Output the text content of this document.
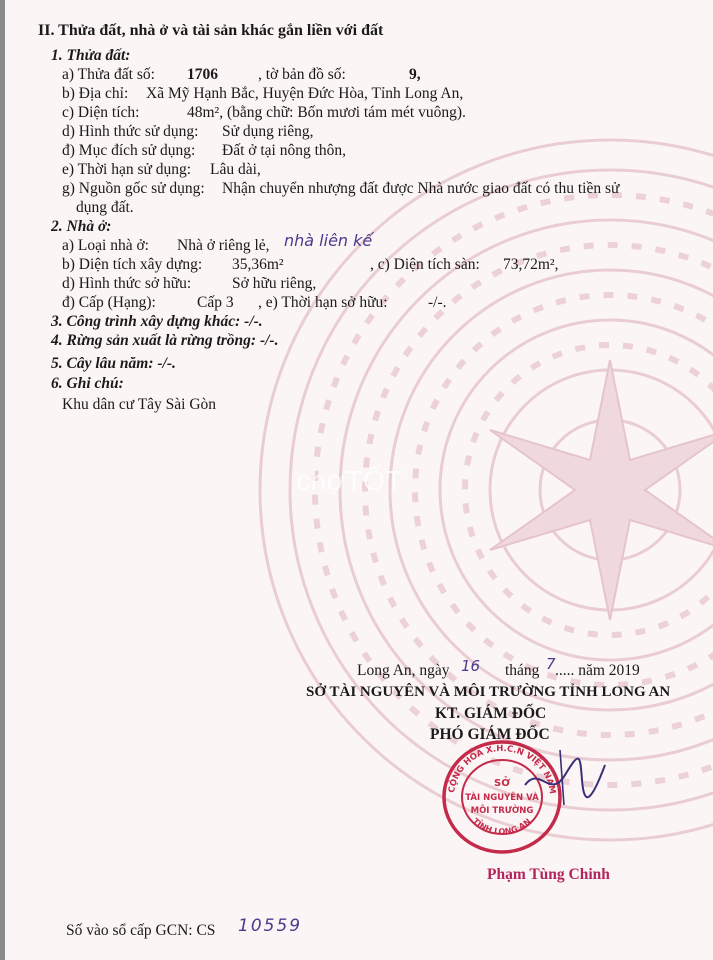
II. Thửa đất, nhà ở và tài sản khác gắn liền với đất
1. Thửa đất:
a) Thửa đất số: 1706	, tờ bản đồ số:	9,
b) Địa chỉ: Xã Mỹ Hạnh Bắc, Huyện Đức Hòa, Tỉnh Long An,
c) Diện tích:	48m², (bằng chữ: Bốn mươi tám mét vuông).
d) Hình thức sử dụng: Sử dụng riêng,
đ) Mục đích sử dụng: Đất ở tại nông thôn,
e) Thời hạn sử dụng: Lâu dài,
g) Nguồn gốc sử dụng: Nhận chuyển nhượng đất được Nhà nước giao đất có thu tiền sử
dụng đất.
2. Nhà ở:
a) Loại nhà ở: Nhà ở riêng lẻ, nhà liên kế
b) Diện tích xây dựng: 35,36m²	, c) Diện tích sàn: 73,72m²,
d) Hình thức sở hữu:	Sở hữu riêng,
đ) Cấp (Hạng):	Cấp 3 , e) Thời hạn sở hữu:	-/-.
3. Công trình xây dựng khác: -/-.
4. Rừng sản xuất là rừng trồng: -/-.
5. Cây lâu năm: -/-.
6. Ghi chú:
Khu dân cư Tây Sài Gòn
chợTỐT
Long An, ngày 16 tháng 7 ..... năm 2019
SỞ TÀI NGUYÊN VÀ MÔI TRƯỜNG TỈNH LONG AN
KT. GIÁM ĐỐC
PHÓ GIÁM ĐỐC
CỘNG HÒA X.H.C.N VIỆT NAM
TỈNH LONG AN
SỞ
TÀI NGUYÊN VÀ
MÔI TRƯỜNG
Phạm Tùng Chinh
Số vào sổ cấp GCN: CS 10559
